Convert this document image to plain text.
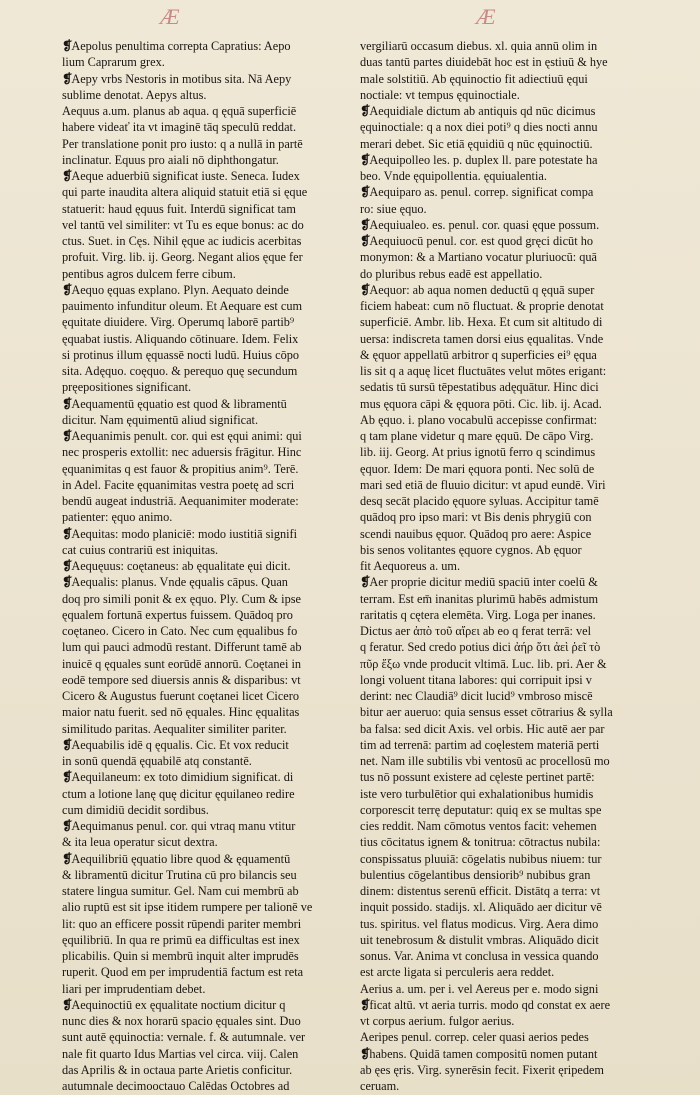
Æ	Æ
❡Aepolus penultima correpta Capratius: Aepo
lium Caprarum grex.
❡Aepy vrbs Nestoris in motibus sita. Nā Aepy
sublime denotat. Aepys altus.
Aequus a.um. planus ab aqua. q ęquā superficiē
habere videať ita vt imaginē tāq speculū reddat.
Per translatione ponit pro iusto: q a nullā in partē
inclinatur. Equus pro aiali nō diphthongatur.
❡Aeque aduerbiū significat iuste. Seneca. Iudex
qui parte inaudita altera aliquid statuit etiā si ęque
statuerit: haud ęquus fuit. Interdū significat tam
vel tantū vel similiter: vt Tu es eque bonus: ac do
ctus. Suet. in Cęs. Nihil ęque ac iudicis acerbitas
profuit. Virg. lib. ij. Georg. Negant alios ęque fer
pentibus agros dulcem ferre cibum.
❡Aequo ęquas explano. Plyn. Aequato deinde
pauimento infunditur oleum. Et Aequare est cum
ęquitate diuidere. Virg. Operumq laborē partib⁹
ęquabat iustis. Aliquando cōtinuare. Idem. Felix
si protinus illum ęquassē nocti ludū. Huius cōpo
sita. Adęquo. coęquo. & perequo quę secundum
pręepositiones significant.
❡Aequamentū ęquatio est quod & libramentū
dicitur. Nam ęquimentū aliud significat.
❡Aequanimis penult. cor. qui est ęqui animi: qui
nec prosperis extollit: nec aduersis frāgitur. Hinc
ęquanimitas q est fauor & propitius anim⁹. Terē.
in Adel. Facite ęquanimitas vestra poetę ad scri
bendū augeat industriā. Aequanimiter moderate:
patienter: ęquo animo.
❡Aequitas: modo planiciē: modo iustitiā signifi
cat cuius contrariū est iniquitas.
❡Aequęuus: coętaneus: ab ęqualitate ęui dicit.
❡Aequalis: planus. Vnde ęqualis cāpus. Quan
doq pro simili ponit & ex ęquo. Ply. Cum & ipse
ęqualem fortunā expertus fuissem. Quādoq pro
coętaneo. Cicero in Cato. Nec cum ęqualibus fo
lum qui pauci admodū restant. Differunt tamē ab
inuicē q ęquales sunt eorūdē annorū. Coętanei in
eodē tempore sed diuersis annis & disparibus: vt
Cicero & Augustus fuerunt coętanei licet Cicero
maior natu fuerit. sed nō ęquales. Hinc ęqualitas
similitudo paritas. Aequaliter similiter pariter.
❡Aequabilis idē q ęqualis. Cic. Et vox reducit
in sonū quendā ęquabilē atq constantē.
❡Aequilaneum: ex toto dimidium significat. di
ctum a lotione lanę quę dicitur ęquilaneo redire
cum dimidiū decidit sordibus.
❡Aequimanus penul. cor. qui vtraq manu vtitur
& ita leua operatur sicut dextra.
❡Aequilibriū ęquatio libre quod & ęquamentū
& libramentū dicitur Trutina cū pro bilancis seu
statere lingua sumitur. Gel. Nam cui membrū ab
alio ruptū est sit ipse itidem rumpere per talionē ve
lit: quo an efficere possit rūpendi pariter membri
ęquilibriū. In qua re primū ea difficultas est inex
plicabilis. Quin si membrū inquit alter imprudēs
ruperit. Quod em per imprudentiā factum est reta
liari per imprudentiam debet.
❡Aequinoctiū ex ęqualitate noctium dicitur q
nunc dies & nox horarū spacio ęquales sint. Duo
sunt autē ęquinoctia: vernale. f. & autumnale. ver
nale fit quarto Idus Martias vel circa. viij. Calen
das Aprilis & in octaua parte Arietis conficitur.
autumnale decimooctauo Calēdas Octobres ad
vergiliarū occasum diebus. xl. quia annū olim in
duas tantū partes diuidebāt hoc est in ęstiuū & hye
male solstitiū. Ab ęquinoctio fit adiectiuū ęqui
noctiale: vt tempus ęquinoctiale.
❡Aequidiale dictum ab antiquis qd nūc dicimus
ęquinoctiale: q a nox diei poti⁹ q dies nocti annu
merari debet. Sic etiā ęquidiū q nūc ęquinoctiū.
❡Aequipolleo les. p. duplex ll. pare potestate ha
beo. Vnde ęquipollentia. ęquiualentia.
❡Aequiparo as. penul. correp. significat compa
ro: siue ęquo.
❡Aequiualeo. es. penul. cor. quasi ęque possum.
❡Aequiuocū penul. cor. est quod gręci dicūt ho
monymon: & a Martiano vocatur pluriuocū: quā
do pluribus rebus eadē est appellatio.
❡Aequor: ab aqua nomen deductū q ęquā super
ficiem habeat: cum nō fluctuat. & proprie denotat
superficiē. Ambr. lib. Hexa. Et cum sit altitudo di
uersa: indiscreta tamen dorsi eius ęqualitas. Vnde
& ęquor appellatū arbitror q superficies ei⁹ ęqua
lis sit q a aquę licet fluctuātes velut mōtes erigant:
sedatis tū sursū tēpestatibus adęquātur. Hinc dici
mus ęquora cāpi & ęquora pōti. Cic. lib. ij. Acad.
Ab ęquo. i. plano vocabulū accepisse confirmat:
q tam plane videtur q mare ęquū. De cāpo Virg.
lib. iij. Georg. At prius ignotū ferro q scindimus
ęquor. Idem: De mari ęquora ponti. Nec solū de
mari sed etiā de fluuio dicitur: vt apud eundē. Viri
desq secāt placido ęquore syluas. Accipitur tamē
quādoq pro ipso mari: vt Bis denis phrygiū con
scendi nauibus ęquor. Quādoq pro aere: Aspice
bis senos volitantes ęquore cygnos. Ab ęquor
fit Aequoreus a. um.
❡Aer proprie dicitur mediū spaciū inter coelū &
terram. Est em̄ inanitas plurimū habēs admistum
raritatis q cętera elemēta. Virg. Loga per inanes.
Dictus aer ἀπὸ τοῦ αἴρει ab eo q ferat terrā: vel
q feratur. Sed credo potius dici ἀήρ ὅτι ἀεὶ ῥεῖ τὸ
πῦρ ἔξω vnde producit vltimā. Luc. lib. pri. Aer &
longi voluent titana labores: qui corripuit ipsi v
derint: nec Claudiā⁹ dicit lucid⁹ vmbroso miscē
bitur aer aueruo: quia sensus esset cōtrarius & sylla
ba falsa: sed dicit Axis. vel orbis. Hic autē aer par
tim ad terrenā: partim ad coęlestem materiā perti
net. Nam ille subtilis vbi ventosū ac procellosū mo
tus nō possunt existere ad cęleste pertinet partē:
iste vero turbulētior qui exhalationibus humidis
corporescit terrę deputatur: quiq ex se multas spe
cies reddit. Nam cōmotus ventos facit: vehemen
tius cōcitatus ignem & tonitrua: cōtractus nubila:
conspissatus pluuiā: cōgelatis nubibus niuem: tur
bulentius cōgelantibus densiorib⁹ nubibus gran
dinem: distentus serenū efficit. Distātq a terra: vt
inquit possido. stadijs. xl. Aliquādo aer dicitur vē
tus. spiritus. vel flatus modicus. Virg. Aera dimo
uit tenebrosum & distulit vmbras. Aliquādo dicit
sonus. Var. Anima vt conclusa in vessica quando
est arcte ligata si perculeris aera reddet.
Aerius a. um. per i. vel Aereus per e. modo signi
❡ficat altū. vt aeria turris. modo qd constat ex aere
vt corpus aerium. fulgor aerius.
Aeripes penul. correp. celer quasi aerios pedes
❡habens. Quidā tamen compositū nomen putant
ab ęes ęris. Virg. synerēsin fecit. Fixerit ęripedem
ceruam.
